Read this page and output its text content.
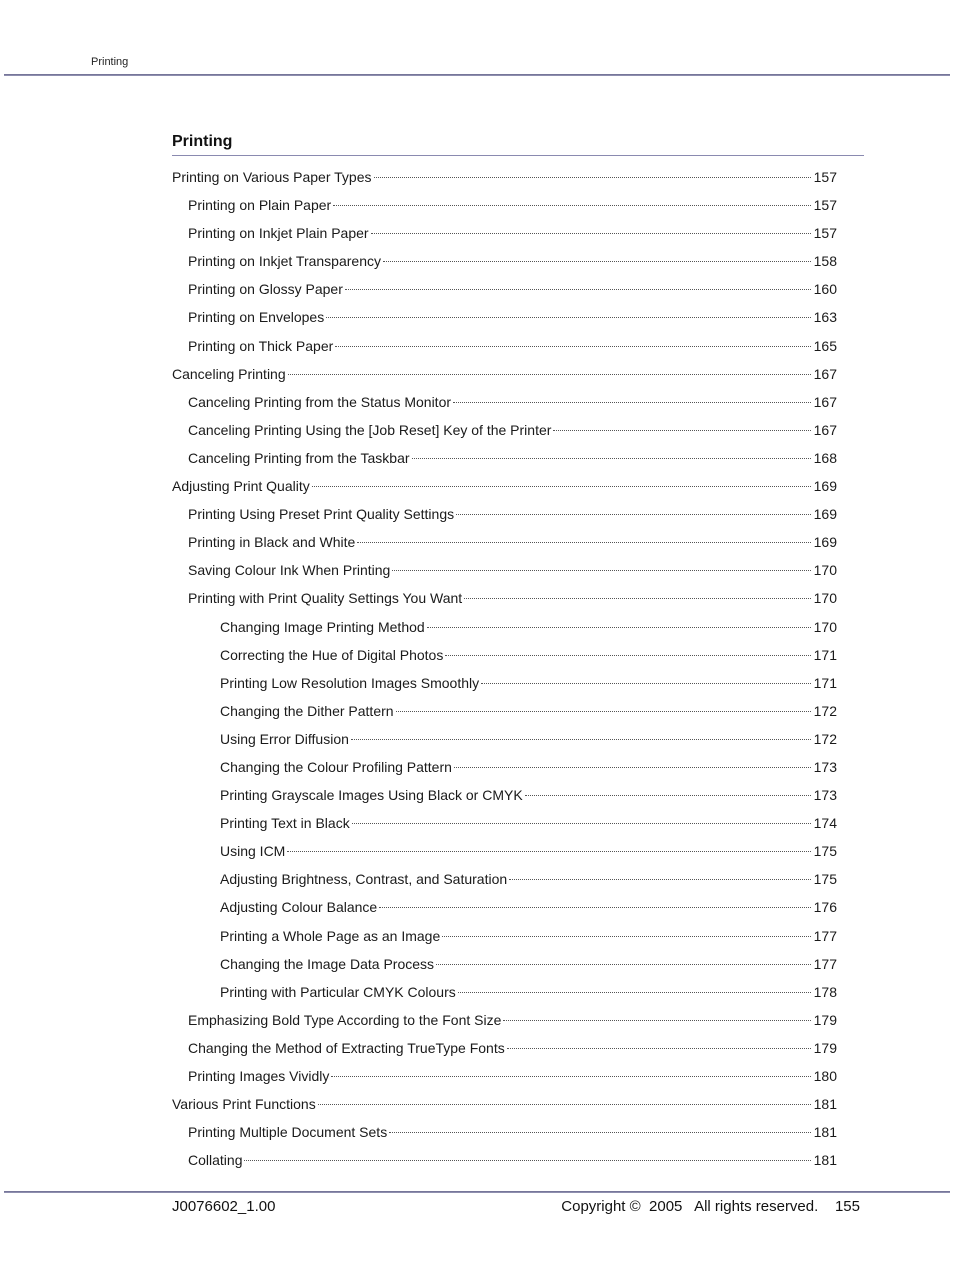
Printing
Printing
Printing on Various Paper Types	157
Printing on Plain Paper	157
Printing on Inkjet Plain Paper	157
Printing on Inkjet Transparency	158
Printing on Glossy Paper	160
Printing on Envelopes	163
Printing on Thick Paper	165
Canceling Printing	167
Canceling Printing from the Status Monitor	167
Canceling Printing Using the [Job Reset] Key of the Printer	167
Canceling Printing from the Taskbar	168
Adjusting Print Quality	169
Printing Using Preset Print Quality Settings	169
Printing in Black and White	169
Saving Colour Ink When Printing	170
Printing with Print Quality Settings You Want	170
Changing Image Printing Method	170
Correcting the Hue of Digital Photos	171
Printing Low Resolution Images Smoothly	171
Changing the Dither Pattern	172
Using Error Diffusion	172
Changing the Colour Profiling Pattern	173
Printing Grayscale Images Using Black or CMYK	173
Printing Text in Black	174
Using ICM	175
Adjusting Brightness, Contrast, and Saturation	175
Adjusting Colour Balance	176
Printing a Whole Page as an Image	177
Changing the Image Data Process	177
Printing with Particular CMYK Colours	178
Emphasizing Bold Type According to the Font Size	179
Changing the Method of Extracting TrueType Fonts	179
Printing Images Vividly	180
Various Print Functions	181
Printing Multiple Document Sets	181
Collating	181
J0076602_1.00	Copyright ©  2005   All rights reserved.    155
